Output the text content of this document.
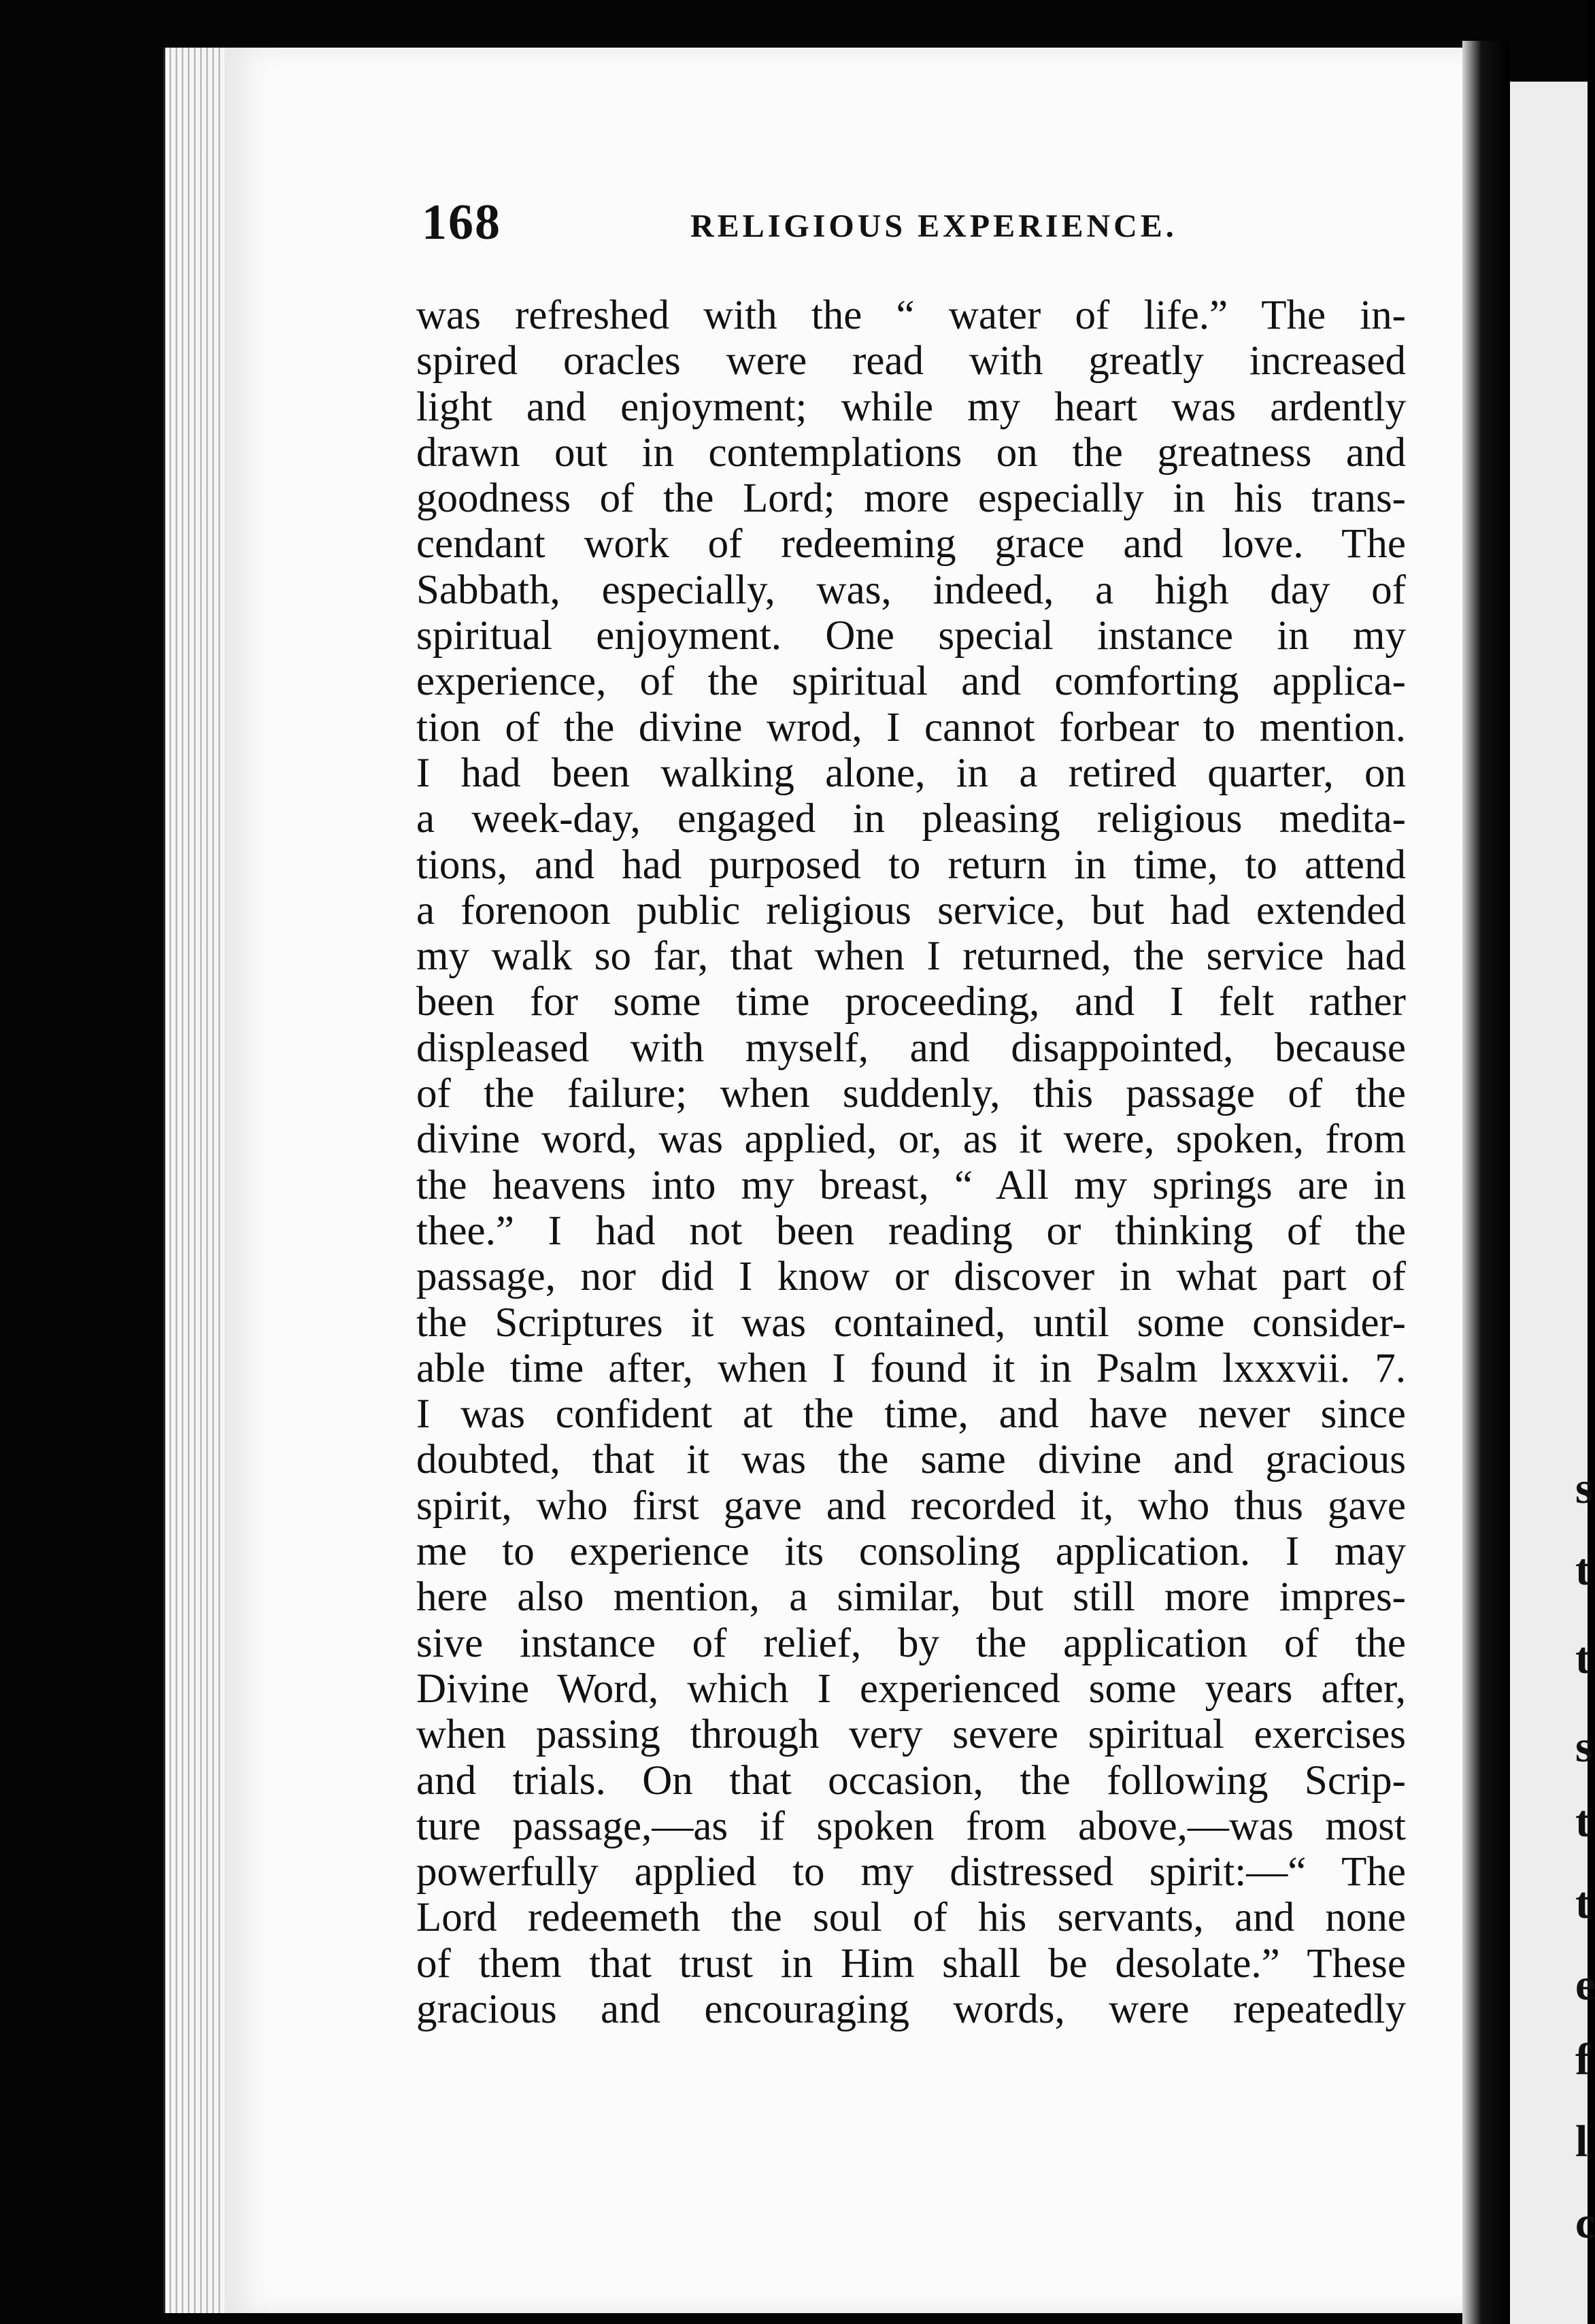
s
t
t
s
t
t
e
f
l
c
168	RELIGIOUS EXPERIENCE.
was refreshed with the “ water of life.” The in-
spired oracles were read with greatly increased
light and enjoyment; while my heart was ardently
drawn out in contemplations on the greatness and
goodness of the Lord; more especially in his trans-
cendant work of redeeming grace and love. The
Sabbath, especially, was, indeed, a high day of
spiritual enjoyment. One special instance in my
experience, of the spiritual and comforting applica-
tion of the divine wrod, I cannot forbear to mention.
I had been walking alone, in a retired quarter, on
a week-day, engaged in pleasing religious medita-
tions, and had purposed to return in time, to attend
a forenoon public religious service, but had extended
my walk so far, that when I returned, the service had
been for some time proceeding, and I felt rather
displeased with myself, and disappointed, because
of the failure; when suddenly, this passage of the
divine word, was applied, or, as it were, spoken, from
the heavens into my breast, “ All my springs are in
thee.” I had not been reading or thinking of the
passage, nor did I know or discover in what part of
the Scriptures it was contained, until some consider-
able time after, when I found it in Psalm lxxxvii. 7.
I was confident at the time, and have never since
doubted, that it was the same divine and gracious
spirit, who first gave and recorded it, who thus gave
me to experience its consoling application. I may
here also mention, a similar, but still more impres-
sive instance of relief, by the application of the
Divine Word, which I experienced some years after,
when passing through very severe spiritual exercises
and trials. On that occasion, the following Scrip-
ture passage,—as if spoken from above,—was most
powerfully applied to my distressed spirit:—“ The
Lord redeemeth the soul of his servants, and none
of them that trust in Him shall be desolate.” These
gracious and encouraging words, were repeatedly
